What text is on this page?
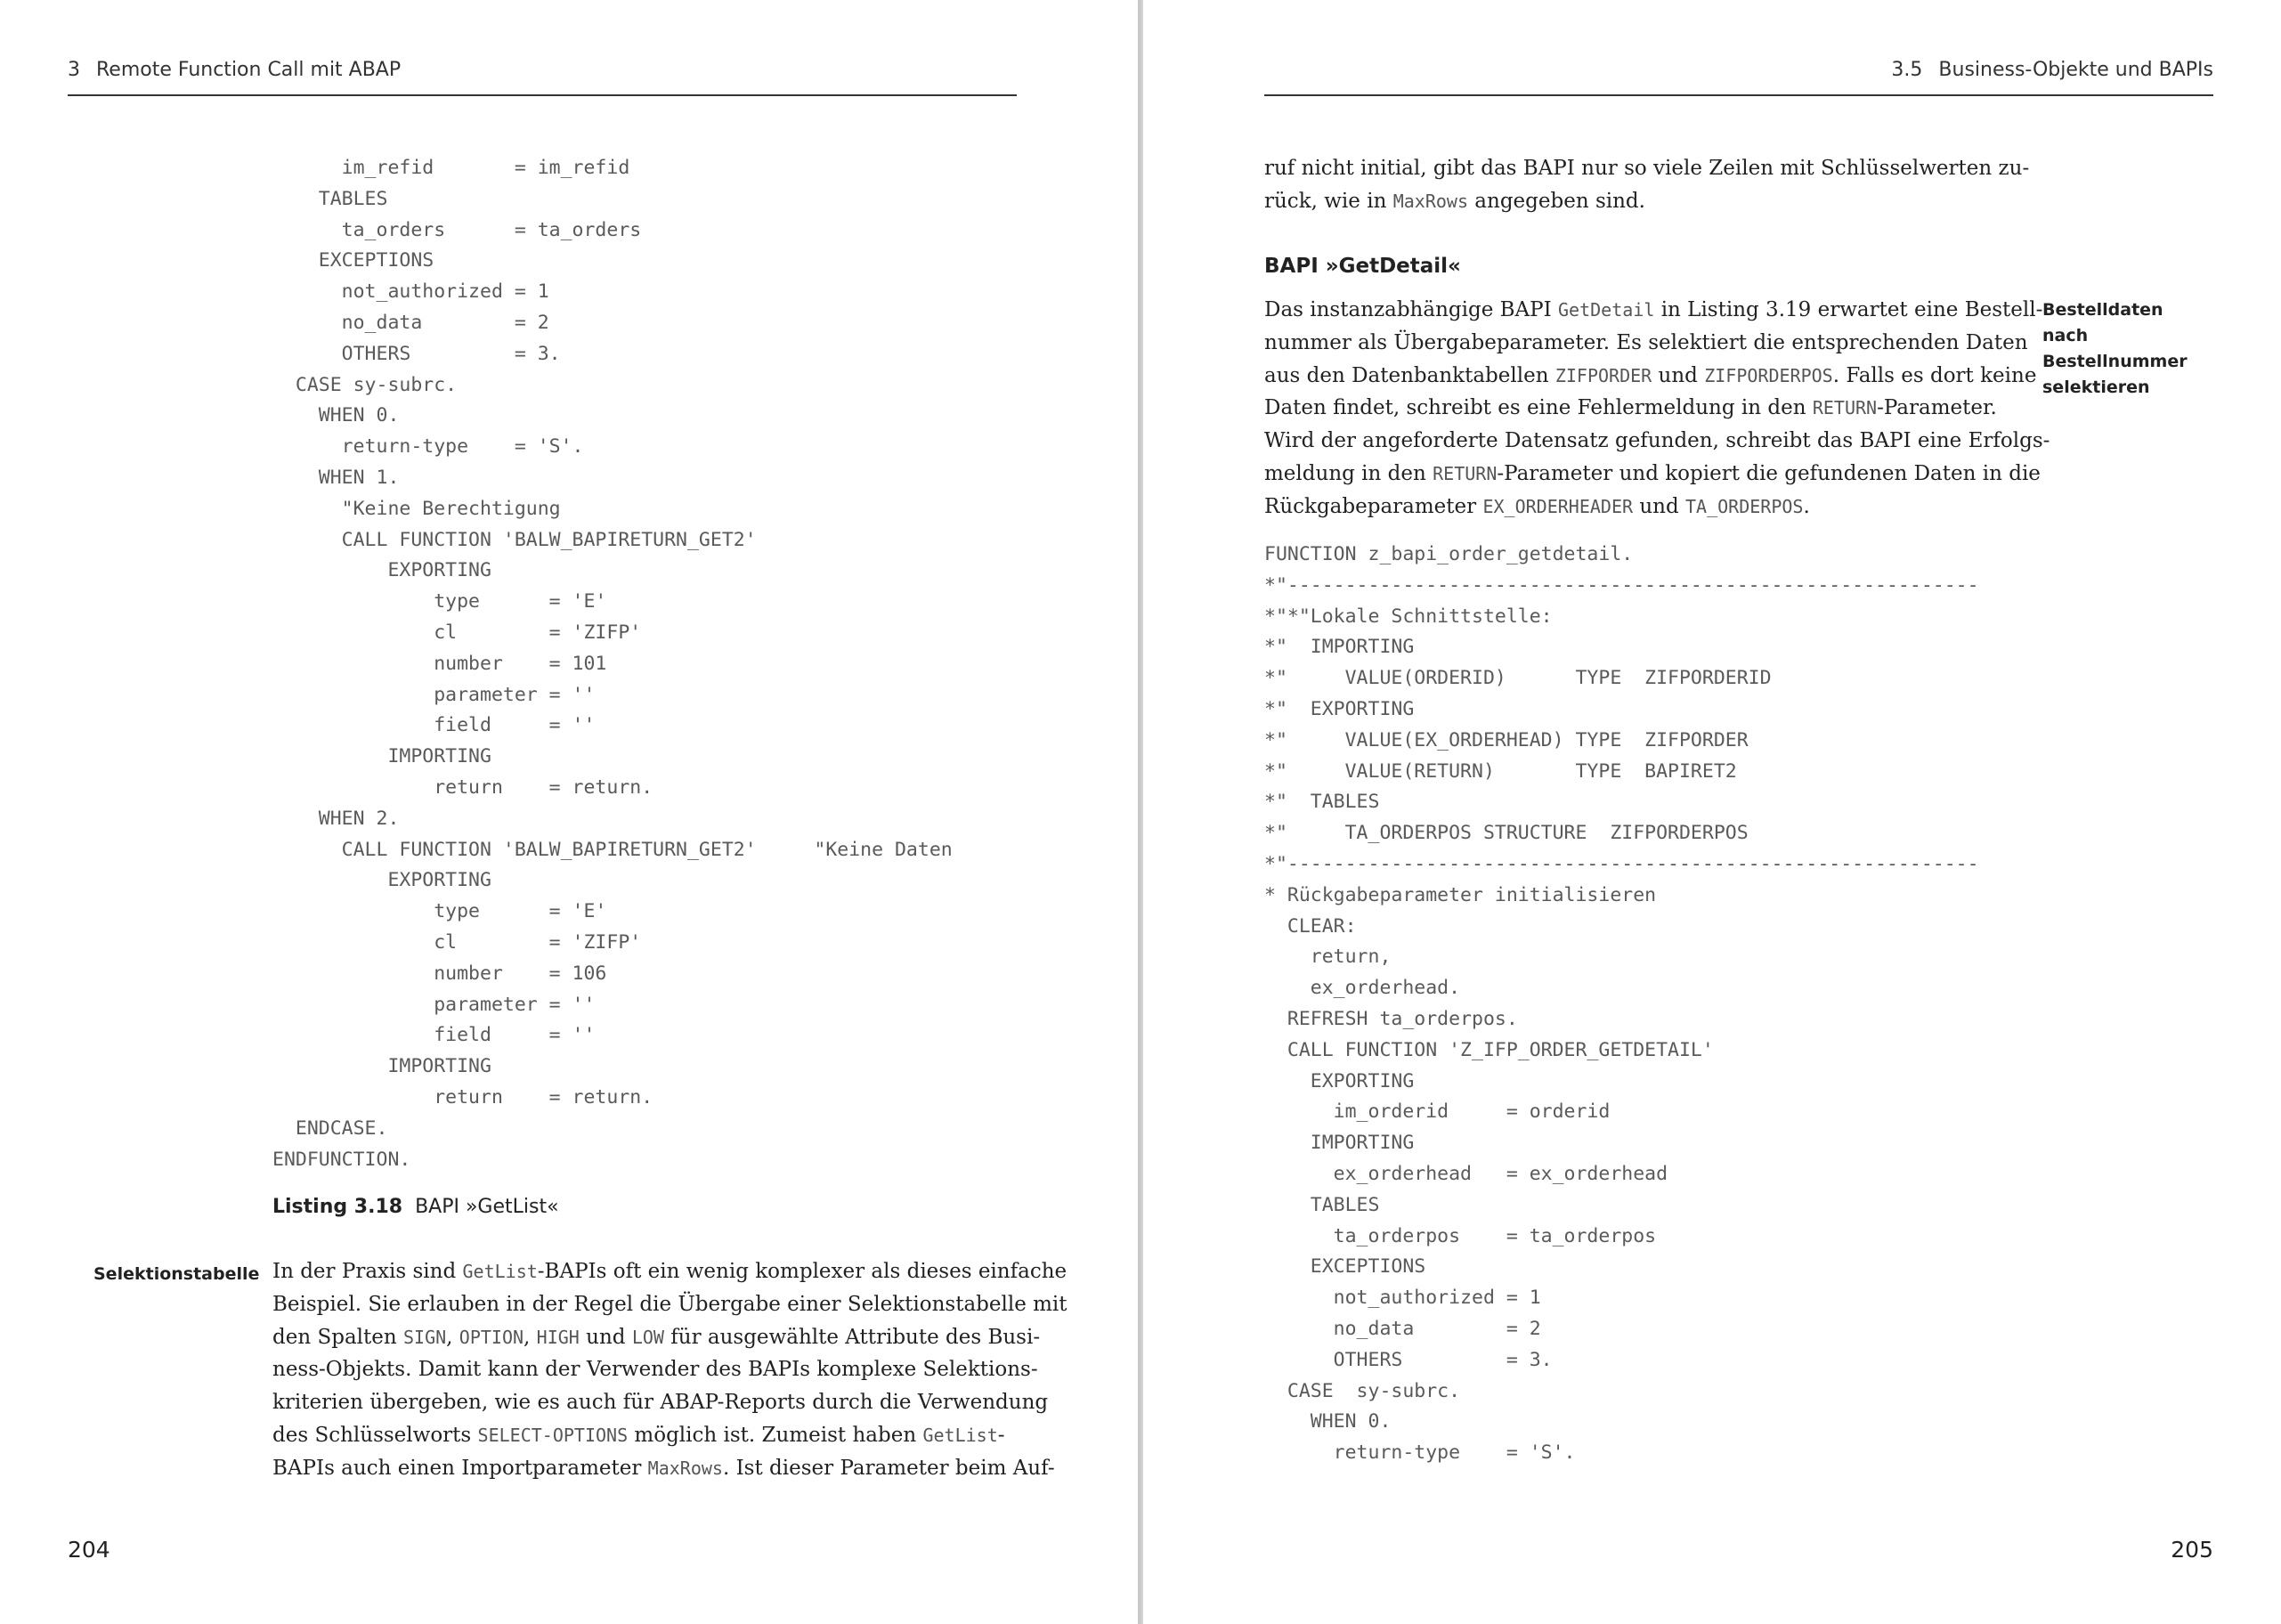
3 Remote Function Call mit ABAP
im_refid       = im_refid
TABLES
ta_orders      = ta_orders
EXCEPTIONS
not_authorized = 1
no_data        = 2
OTHERS         = 3.
CASE sy-subrc.
WHEN 0.
return-type    = 'S'.
WHEN 1.
"Keine Berechtigung
CALL FUNCTION 'BALW_BAPIRETURN_GET2'
EXPORTING
type      = 'E'
cl        = 'ZIFP'
number    = 101
parameter = ''
field     = ''
IMPORTING
return    = return.
WHEN 2.
CALL FUNCTION 'BALW_BAPIRETURN_GET2'     "Keine Daten
EXPORTING
type      = 'E'
cl        = 'ZIFP'
number    = 106
parameter = ''
field     = ''
IMPORTING
return    = return.
ENDCASE.
ENDFUNCTION.
Listing 3.18 BAPI »GetList«
Selektionstabelle In der Praxis sind GetList-BAPIs oft ein wenig komplexer als dieses einfache
Beispiel. Sie erlauben in der Regel die Übergabe einer Selektionstabelle mit
den Spalten SIGN, OPTION, HIGH und LOW für ausgewählte Attribute des Busi-
ness-Objekts. Damit kann der Verwender des BAPIs komplexe Selektions-
kriterien übergeben, wie es auch für ABAP-Reports durch die Verwendung
des Schlüsselworts SELECT-OPTIONS möglich ist. Zumeist haben GetList-
BAPIs auch einen Importparameter MaxRows. Ist dieser Parameter beim Auf-
204
3.5 Business-Objekte und BAPIs
ruf nicht initial, gibt das BAPI nur so viele Zeilen mit Schlüsselwerten zu-
rück, wie in MaxRows angegeben sind.
BAPI »GetDetail«
Bestelldaten nach
Bestellnummer
selektieren
Das instanzabhängige BAPI GetDetail in Listing 3.19 erwartet eine Bestell-
nummer als Übergabeparameter. Es selektiert die entsprechenden Daten
aus den Datenbanktabellen ZIFPORDER und ZIFPORDERPOS. Falls es dort keine
Daten findet, schreibt es eine Fehlermeldung in den RETURN-Parameter.
Wird der angeforderte Datensatz gefunden, schreibt das BAPI eine Erfolgs-
meldung in den RETURN-Parameter und kopiert die gefundenen Daten in die
Rückgabeparameter EX_ORDERHEADER und TA_ORDERPOS.
FUNCTION z_bapi_order_getdetail.
*"------------------------------------------------------------
*"*"Lokale Schnittstelle:
*"  IMPORTING
*"     VALUE(ORDERID)      TYPE  ZIFPORDERID
*"  EXPORTING
*"     VALUE(EX_ORDERHEAD) TYPE  ZIFPORDER
*"     VALUE(RETURN)       TYPE  BAPIRET2
*"  TABLES
*"     TA_ORDERPOS STRUCTURE  ZIFPORDERPOS
*"------------------------------------------------------------
* Rückgabeparameter initialisieren
CLEAR:
return,
ex_orderhead.
REFRESH ta_orderpos.
CALL FUNCTION 'Z_IFP_ORDER_GETDETAIL'
EXPORTING
im_orderid     = orderid
IMPORTING
ex_orderhead   = ex_orderhead
TABLES
ta_orderpos    = ta_orderpos
EXCEPTIONS
not_authorized = 1
no_data        = 2
OTHERS         = 3.
CASE  sy-subrc.
WHEN 0.
return-type    = 'S'.
205
